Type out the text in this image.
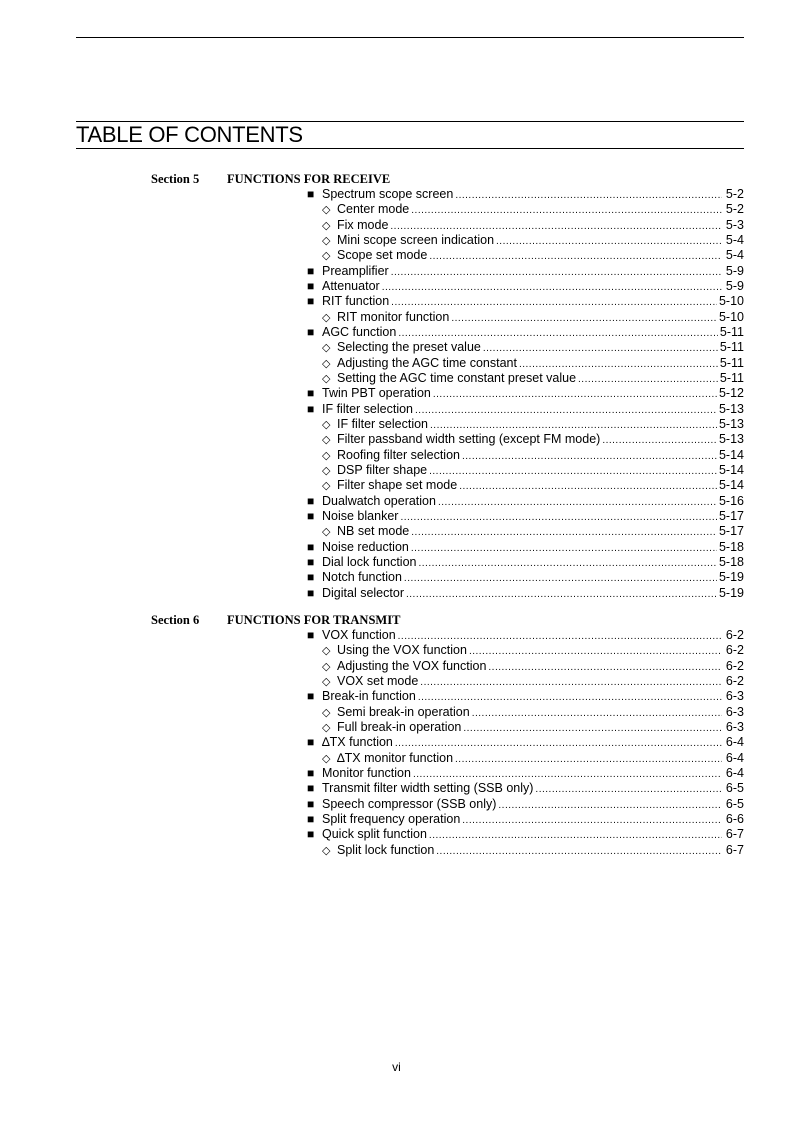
TABLE OF CONTENTS
Section 5 FUNCTIONS FOR RECEIVE
■ Spectrum scope screen .....	5-2
◇ Center mode .....	5-2
◇ Fix mode .....	5-3
◇ Mini scope screen indication .....	5-4
◇ Scope set mode .....	5-4
■ Preamplifier .....	5-9
■ Attenuator .....	5-9
■ RIT function .....	5-10
◇ RIT monitor function .....	5-10
■ AGC function .....	5-11
◇ Selecting the preset value .....	5-11
◇ Adjusting the AGC time constant .....	5-11
◇ Setting the AGC time constant preset value .....	5-11
■ Twin PBT operation .....	5-12
■ IF filter selection .....	5-13
◇ IF filter selection .....	5-13
◇ Filter passband width setting (except FM mode) .....	5-13
◇ Roofing filter selection .....	5-14
◇ DSP filter shape .....	5-14
◇ Filter shape set mode .....	5-14
■ Dualwatch operation .....	5-16
■ Noise blanker .....	5-17
◇ NB set mode .....	5-17
■ Noise reduction .....	5-18
■ Dial lock function .....	5-18
■ Notch function .....	5-19
■ Digital selector .....	5-19
Section 6 FUNCTIONS FOR TRANSMIT
■ VOX function .....	6-2
◇ Using the VOX function .....	6-2
◇ Adjusting the VOX function .....	6-2
◇ VOX set mode .....	6-2
■ Break-in function .....	6-3
◇ Semi break-in operation .....	6-3
◇ Full break-in operation .....	6-3
■ ∆TX function .....	6-4
◇ ∆TX monitor function .....	6-4
■ Monitor function .....	6-4
■ Transmit filter width setting (SSB only) .....	6-5
■ Speech compressor (SSB only) .....	6-5
■ Split frequency operation .....	6-6
■ Quick split function .....	6-7
◇ Split lock function .....	6-7
vi
